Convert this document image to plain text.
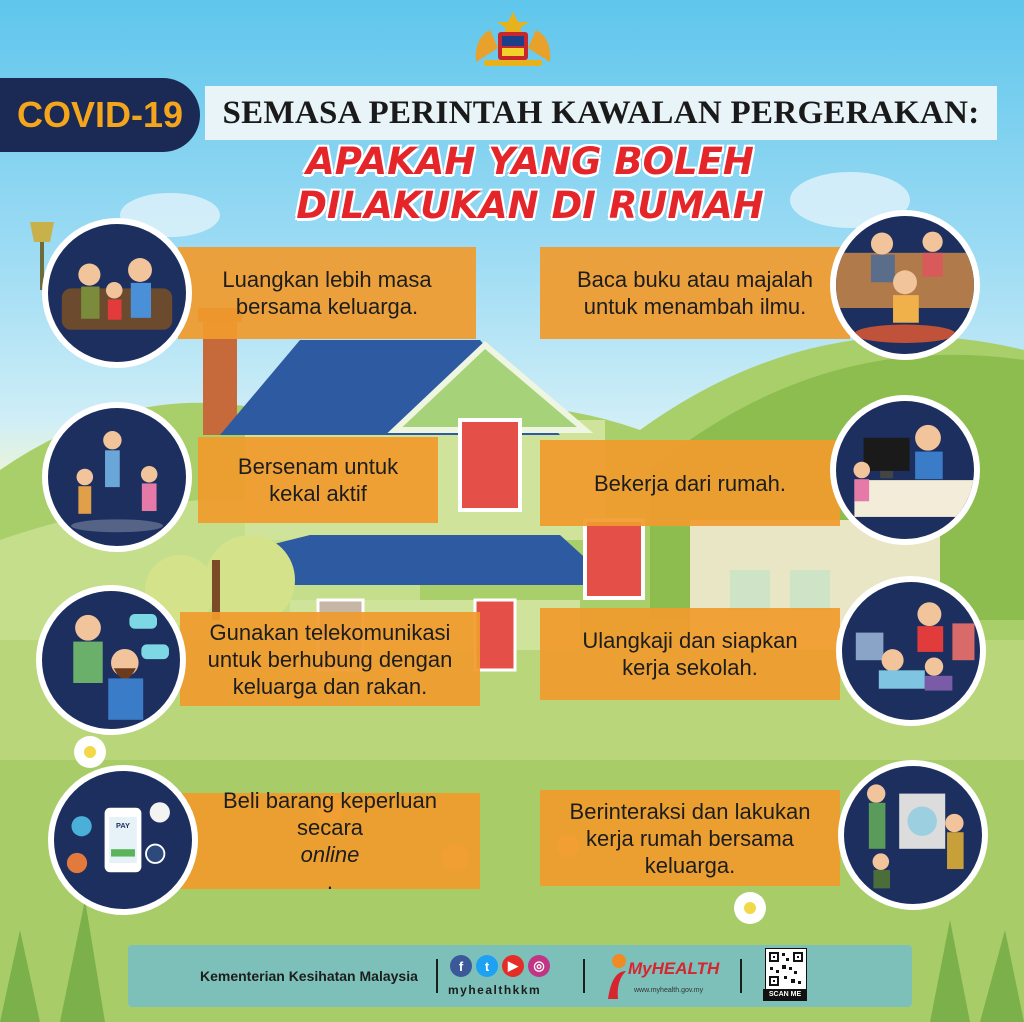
COVID-19 SEMASA PERINTAH KAWALAN PERGERAKAN:
APAKAH YANG BOLEH
DILAKUKAN DI RUMAH
Luangkan lebih masa
bersama keluarga.
Bersenam untuk
kekal aktif
Gunakan telekomunikasi
untuk berhubung dengan
keluarga dan rakan.
Beli barang keperluan
secara
online
.
PAY
Baca buku atau majalah
untuk menambah ilmu.
Bekerja dari rumah.
Ulangkaji dan siapkan
kerja sekolah.
Berinteraksi dan lakukan
kerja rumah bersama
keluarga.
Kementerian Kesihatan Malaysia
f	t	▶	◎
myhealthkkm
MyHEALTH
www.myhealth.gov.my
SCAN ME
